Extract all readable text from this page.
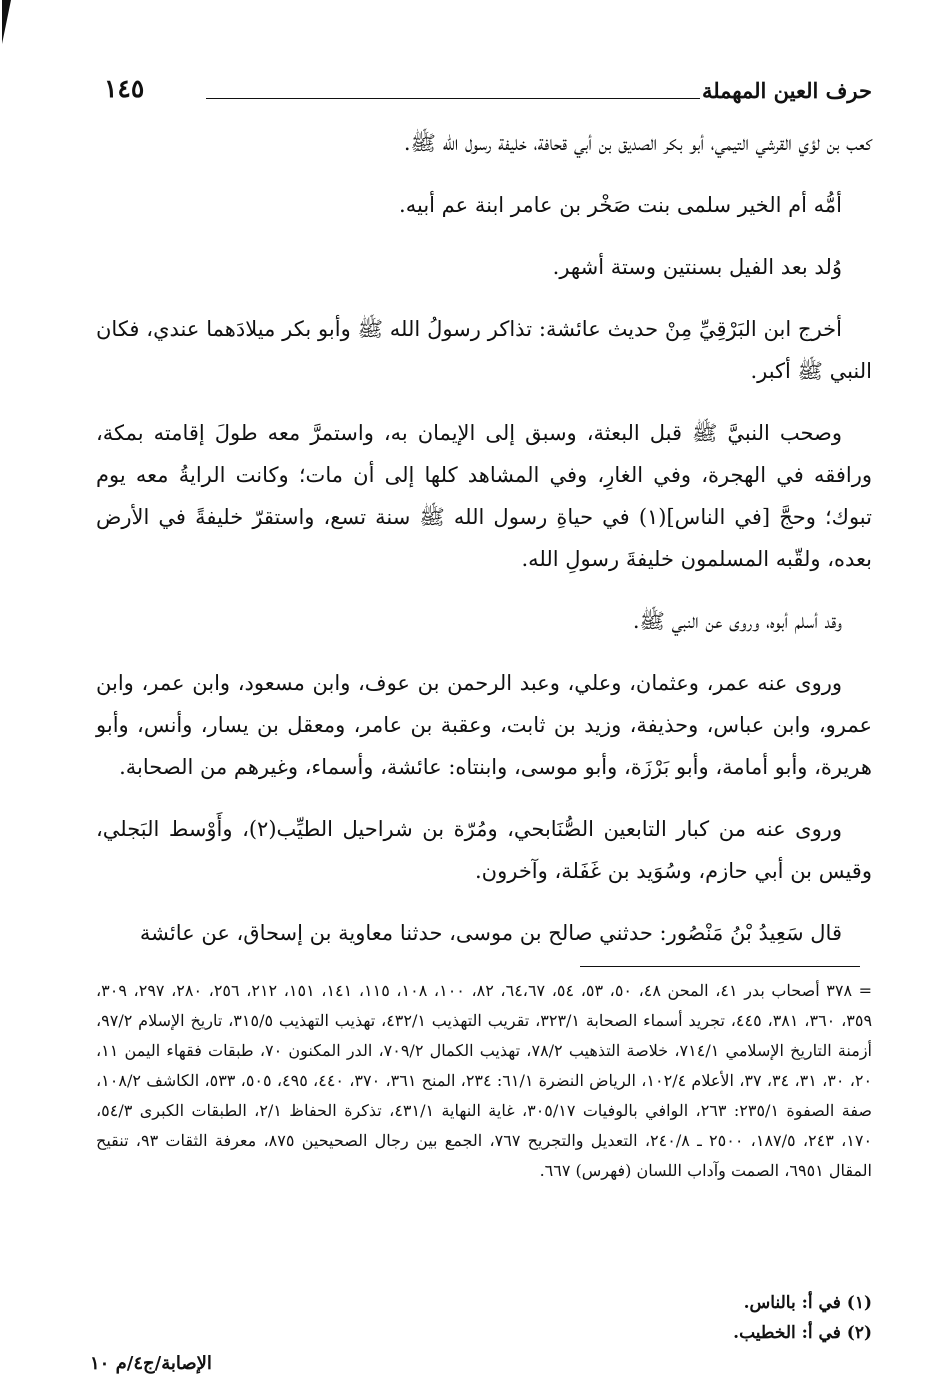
حرف العين المهملة
١٤٥

كعب بن لؤي القرشي التيمي، أبو بكر الصديق بن أبي قحافة، خليفة رسول الله ﷺ.

أمُّه أم الخير سلمى بنت صَخْر بن عامر ابنة عم أبيه.

وُلد بعد الفيل بسنتين وستة أشهر.

أخرج ابن البَرْقِيِّ مِنْ حديث عائشة: تذاكر رسولُ الله ﷺ وأبو بكر ميلادَهما عندي، فكان النبي ﷺ أكبر.

وصحب النبيَّ ﷺ قبل البعثة، وسبق إلى الإيمان به، واستمرَّ معه طولَ إقامته بمكة، ورافقه في الهجرة، وفي الغارِ، وفي المشاهد كلها إلى أن مات؛ وكانت الرايةُ معه يوم تبوك؛ وحجَّ [في الناس](١) في حياةِ رسول الله ﷺ سنة تسع، واستقرّ خليفةً في الأرض بعده، ولقّبه المسلمون خليفةَ رسولِ الله.

وقد أسلم أبوه، وروى عن النبي ﷺ.

وروى عنه عمر، وعثمان، وعلي، وعبد الرحمن بن عوف، وابن مسعود، وابن عمر، وابن عمرو، وابن عباس، وحذيفة، وزيد بن ثابت، وعقبة بن عامر، ومعقل بن يسار، وأنس، وأبو هريرة، وأبو أمامة، وأبو بَرْزَة، وأبو موسى، وابنتاه: عائشة، وأسماء، وغيرهم من الصحابة.

وروى عنه من كبار التابعين الصُّنَابحي، ومُرّة بن شراحيل الطيِّب(٢)، وأَوْسط البَجلي، وقيس بن أبي حازم، وسُوَيد بن غَفَلة، وآخرون.

قال سَعِيدُ بْنُ مَنْصُور: حدثني صالح بن موسى، حدثنا معاوية بن إسحاق، عن عائشة

= ٣٧٨ أصحاب بدر ٤١، المحن ٤٨، ٥٠، ٥٣، ٥٤، ٦٤،٦٧، ٨٢، ١٠٠، ١٠٨، ١١٥، ١٤١، ١٥١، ٢١٢، ٢٥٦، ٢٨٠، ٢٩٧، ٣٠٩، ٣٥٩، ٣٦٠، ٣٨١، ٤٤٥، تجريد أسماء الصحابة ٣٢٣/١، تقريب التهذيب ٤٣٢/١، تهذيب التهذيب ٣١٥/٥، تاريخ الإسلام ٩٧/٢، أزمنة التاريخ الإسلامي ٧١٤/١، خلاصة التذهيب ٧٨/٢، تهذيب الكمال ٧٠٩/٢، الدر المكنون ٧٠، طبقات فقهاء اليمن ١١، ٢٠، ٣٠، ٣١، ٣٤، ٣٧، الأعلام ١٠٢/٤، الرياض النضرة ٦١/١: ٢٣٤، المنح ٣٦١، ٣٧٠، ٤٤٠، ٤٩٥، ٥٠٥، ٥٣٣، الكاشف ١٠٨/٢، صفة الصفوة ٢٣٥/١: ٢٦٣، الوافي بالوفيات ٣٠٥/١٧، غاية النهاية ٤٣١/١، تذكرة الحفاظ ٢/١، الطبقات الكبرى ٥٤/٣، ١٧٠، ٢٤٣، ١٨٧/٥، ٢٥٠٠ ـ ٢٤٠/٨، التعديل والتجريح ٧٦٧، الجمع بين رجال الصحيحين ٨٧٥، معرفة الثقات ٩٣، تنقيح المقال ٦٩٥١، الصمت وآداب اللسان (فهرس) ٦٦٧.

(١) في أ: بالناس.

(٢) في أ: الخطيب.

الإصابة/ج٤/م ١٠
